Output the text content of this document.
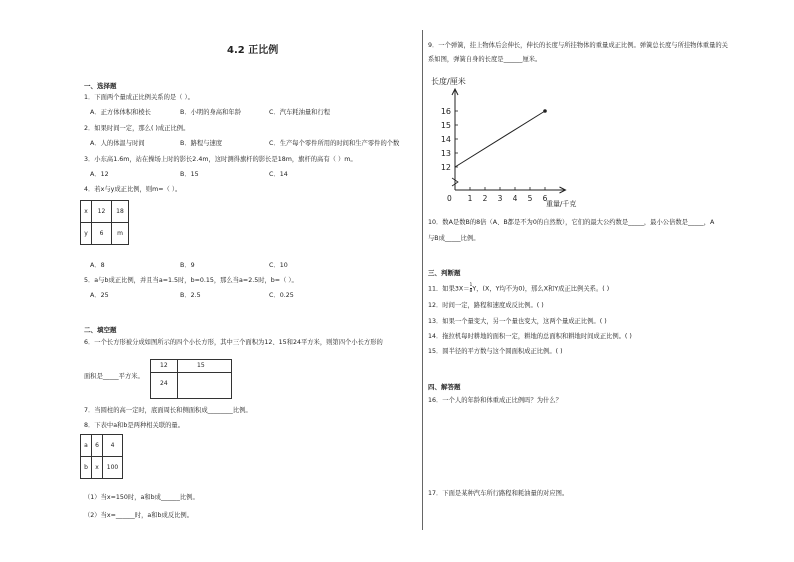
4.2 正比例
一、选择题
1．下面两个量成正比例关系的是（ ）。
A．正方体体积和棱长	B．小明的身高和年龄	C．汽车耗油量和行程
2．如果时间一定，那么( )成正比例。
A．人的体温与时间	B．路程与速度	C．生产每个零件所用的时间和生产零件的个数
3．小东高1.6m，站在操场上时的影长2.4m，这时测得旗杆的影长是18m，旗杆的高有（ ）m。
A．12	B．15	C．14
4．若x与y成正比例，则m=（ ）。
x	12	18
y	6	m
A．8	B．9	C．10
5．a与b成正比例，并且当a=1.5时，b=0.15，那么当a=2.5时，b=（ ）。
A．25	B．2.5	C．0.25
二、填空题
6．一个长方形被分成如图所示的四个小长方形，其中三个面积为12、15和24平方米，则第四个小长方形的
12	15
24
面积是_____平方米。
7．当圆柱的高一定时，底面周长和侧面积成________比例。
8．下表中a和b是两种相关联的量。
a	6	4
b	x	100
（1）当x=150时，a和b成______比例。
（2）当x=______时，a和b成反比例。
9．一个弹簧，挂上物体后会伸长，伸长的长度与所挂物体的重量成正比例。弹簧总长度与所挂物体重量的关
系如图，弹簧自身的长度是______厘米。
0 1 2 3 4 5 6
12
13
14
15
16
长度/厘米
重量/千克
10．数A是数B的8倍（A、B都是不为0的自然数），它们的最大公约数是_____，最小公倍数是_____，A
与B成_____比例。
三、判断题
11．如果$3X= \frac{1}{8}$ Y，(X，Y均不为0)，那么X和Y成正比例关系。( )
12．时间一定，路程和速度成反比例。( )
13．如果一个量变大，另一个量也变大，这两个量成正比例。( )
14．拖拉机每时耕地的面积一定，耕地的总面积和耕地时间成正比例。( )
15．圆半径的平方数与这个圆面积成正比例。( )
四、解答题
16．一个人的年龄和体重成正比例吗？为什么？
17．下面是某种汽车所行路程和耗油量的对应图。
